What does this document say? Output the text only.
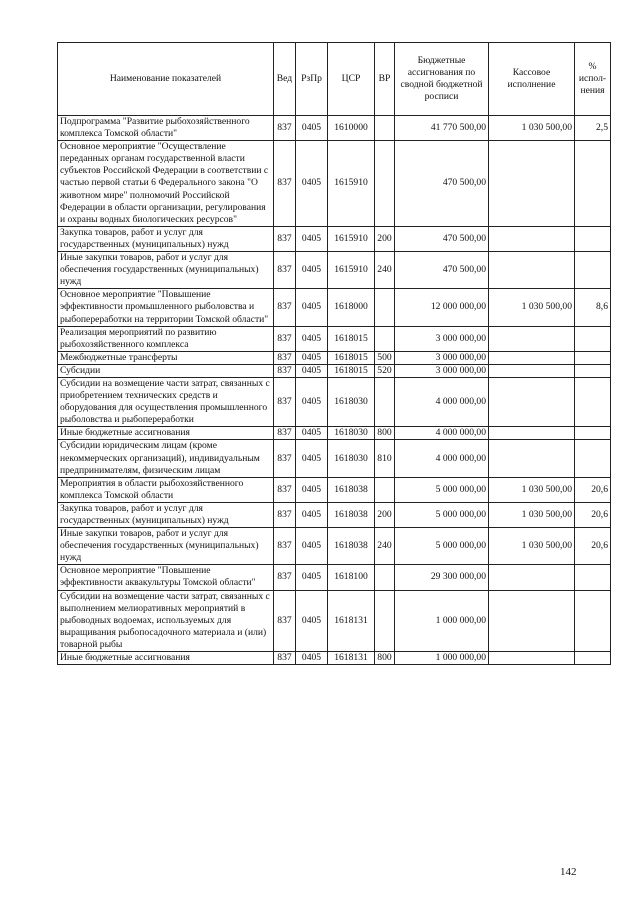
Наименование показателей	Вед	РзПр	ЦСР	ВР	Бюджетные ассигнования по сводной бюджетной росписи	Кассовое исполнение	% испол-нения
Подпрограмма "Развитие рыбохозяйственного комплекса Томской области"	837	0405	1610000		41 770 500,00	1 030 500,00	2,5
Основное мероприятие "Осуществление переданных органам государственной власти субъектов Российской Федерации в соответствии с частью первой статьи 6 Федерального закона "О животном мире" полномочий Российской Федерации в области организации, регулирования и охраны водных биологических ресурсов"	837	0405	1615910		470 500,00		
Закупка товаров, работ и услуг для государственных (муниципальных) нужд	837	0405	1615910	200	470 500,00		
Иные закупки товаров, работ и услуг для обеспечения государственных (муниципальных) нужд	837	0405	1615910	240	470 500,00		
Основное мероприятие "Повышение эффективности промышленного рыболовства и рыбопереработки на территории Томской области"	837	0405	1618000		12 000 000,00	1 030 500,00	8,6
Реализация мероприятий по развитию рыбохозяйственного комплекса	837	0405	1618015		3 000 000,00		
Межбюджетные трансферты	837	0405	1618015	500	3 000 000,00		
Субсидии	837	0405	1618015	520	3 000 000,00		
Субсидии на возмещение части затрат, связанных с приобретением технических средств и оборудования для осуществления промышленного рыболовства и рыбопереработки	837	0405	1618030		4 000 000,00		
Иные бюджетные ассигнования	837	0405	1618030	800	4 000 000,00		
Субсидии юридическим лицам (кроме некоммерческих организаций), индивидуальным предпринимателям, физическим лицам	837	0405	1618030	810	4 000 000,00		
Мероприятия в области рыбохозяйственного комплекса Томской области	837	0405	1618038		5 000 000,00	1 030 500,00	20,6
Закупка товаров, работ и услуг для государственных (муниципальных) нужд	837	0405	1618038	200	5 000 000,00	1 030 500,00	20,6
Иные закупки товаров, работ и услуг для обеспечения государственных (муниципальных) нужд	837	0405	1618038	240	5 000 000,00	1 030 500,00	20,6
Основное мероприятие "Повышение эффективности аквакультуры Томской области"	837	0405	1618100		29 300 000,00		
Субсидии на возмещение части затрат, связанных с выполнением мелиоративных мероприятий в рыбоводных водоемах, используемых для выращивания рыбопосадочного материала и (или) товарной рыбы	837	0405	1618131		1 000 000,00		
Иные бюджетные ассигнования	837	0405	1618131	800	1 000 000,00		
142
